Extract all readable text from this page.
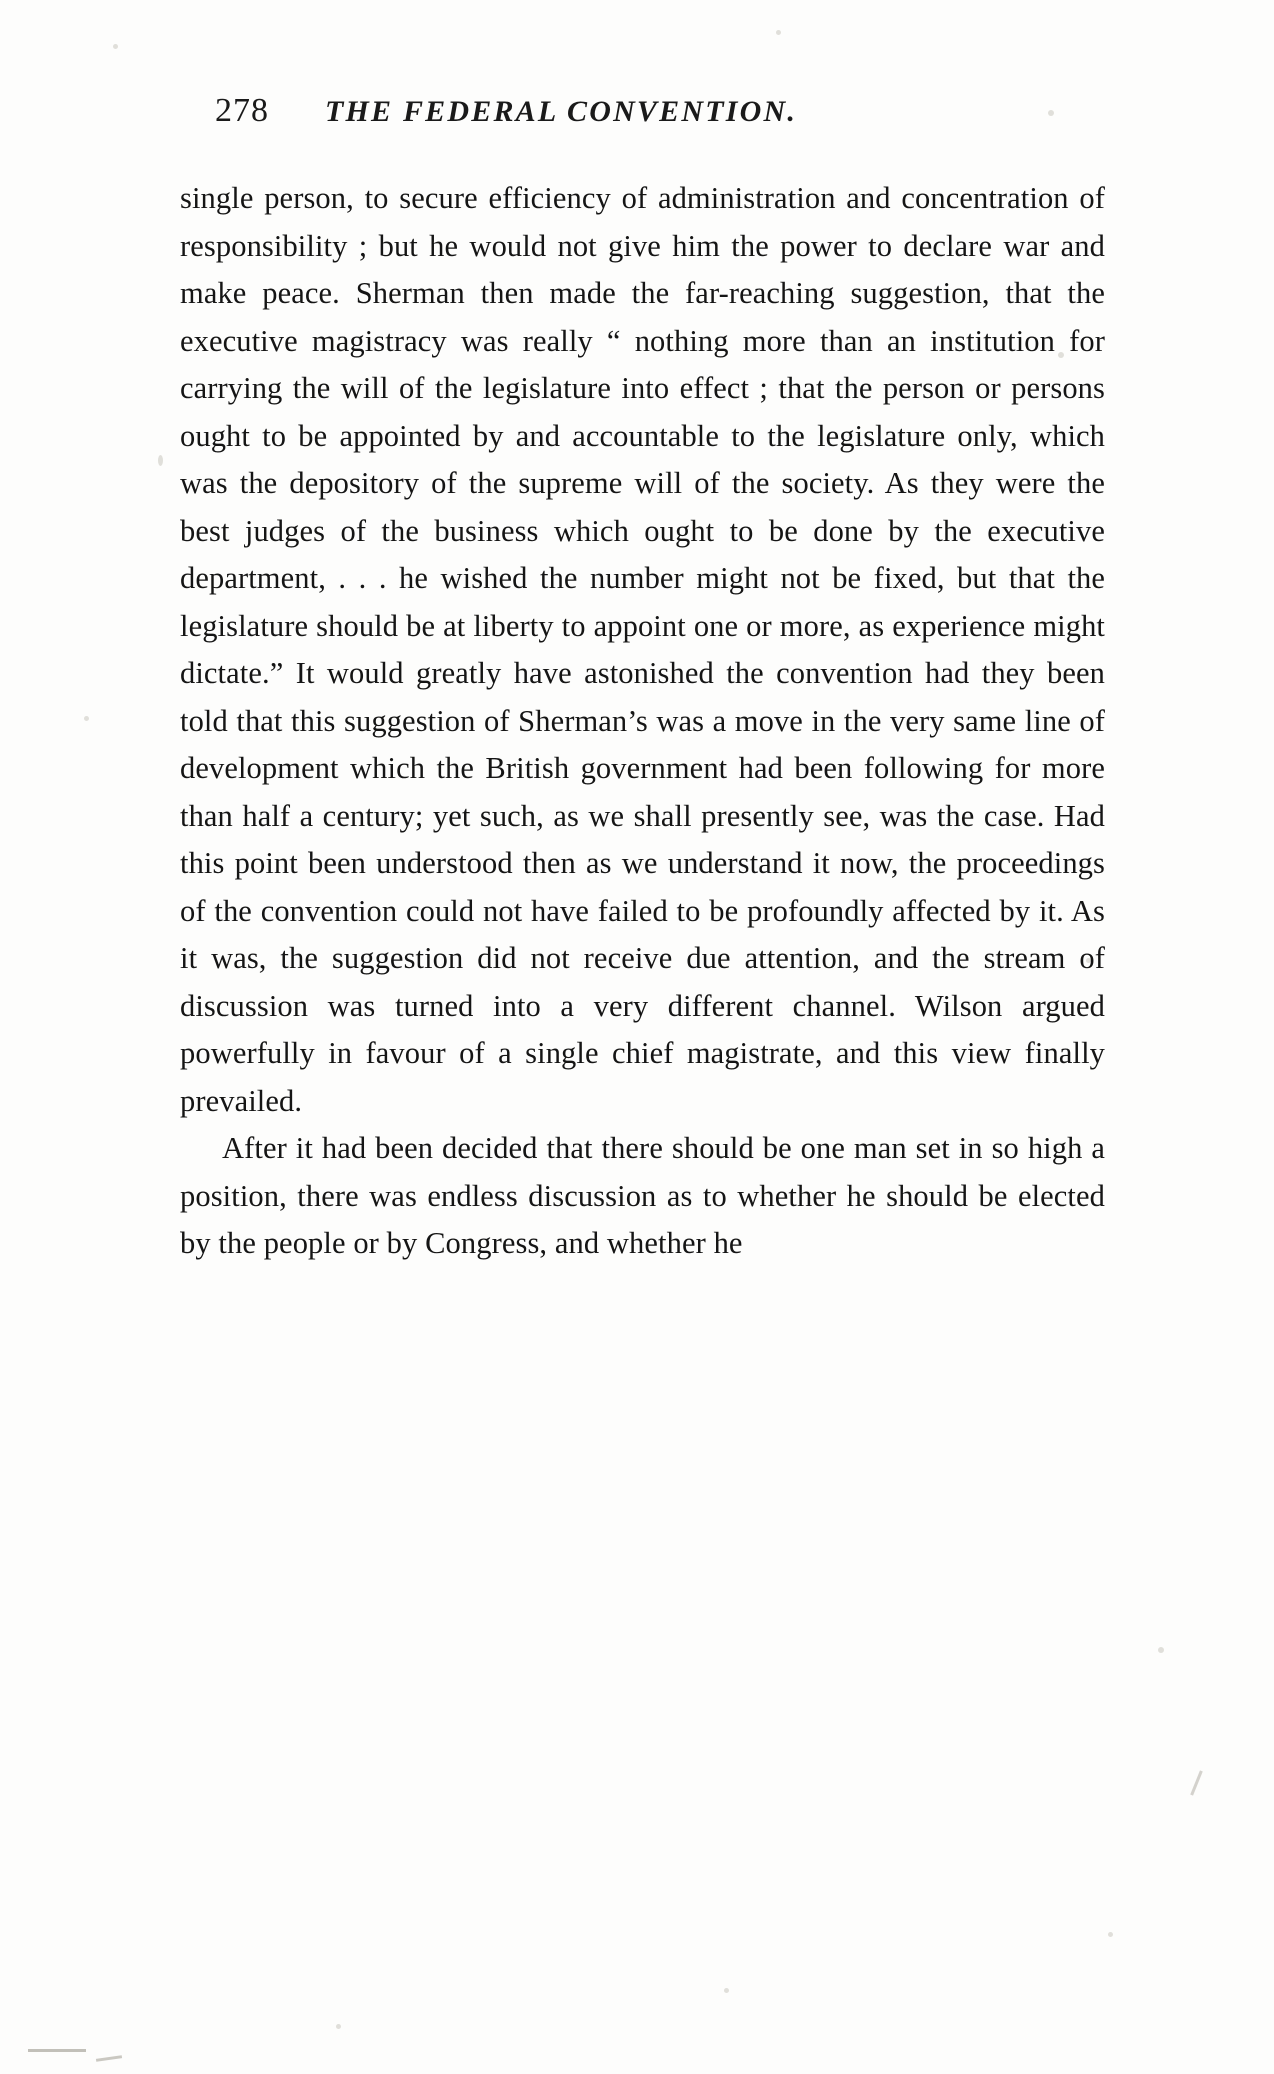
278	THE FEDERAL CONVENTION.

single person, to secure efficiency of administration and concentration of responsibility ; but he would not give him the power to declare war and make peace. Sherman then made the far-reaching suggestion, that the executive magistracy was really “ nothing more than an institution for carrying the will of the legislature into effect ; that the person or persons ought to be appointed by and accountable to the legislature only, which was the depository of the supreme will of the society. As they were the best judges of the business which ought to be done by the executive department, . . . he wished the number might not be fixed, but that the legislature should be at liberty to appoint one or more, as experience might dictate.” It would greatly have astonished the convention had they been told that this suggestion of Sherman’s was a move in the very same line of development which the British government had been following for more than half a century; yet such, as we shall presently see, was the case. Had this point been understood then as we understand it now, the proceedings of the convention could not have failed to be profoundly affected by it. As it was, the suggestion did not receive due attention, and the stream of discussion was turned into a very different channel. Wilson argued powerfully in favour of a single chief magistrate, and this view finally prevailed.

After it had been decided that there should be one man set in so high a position, there was endless discussion as to whether he should be elected by the people or by Congress, and whether he
